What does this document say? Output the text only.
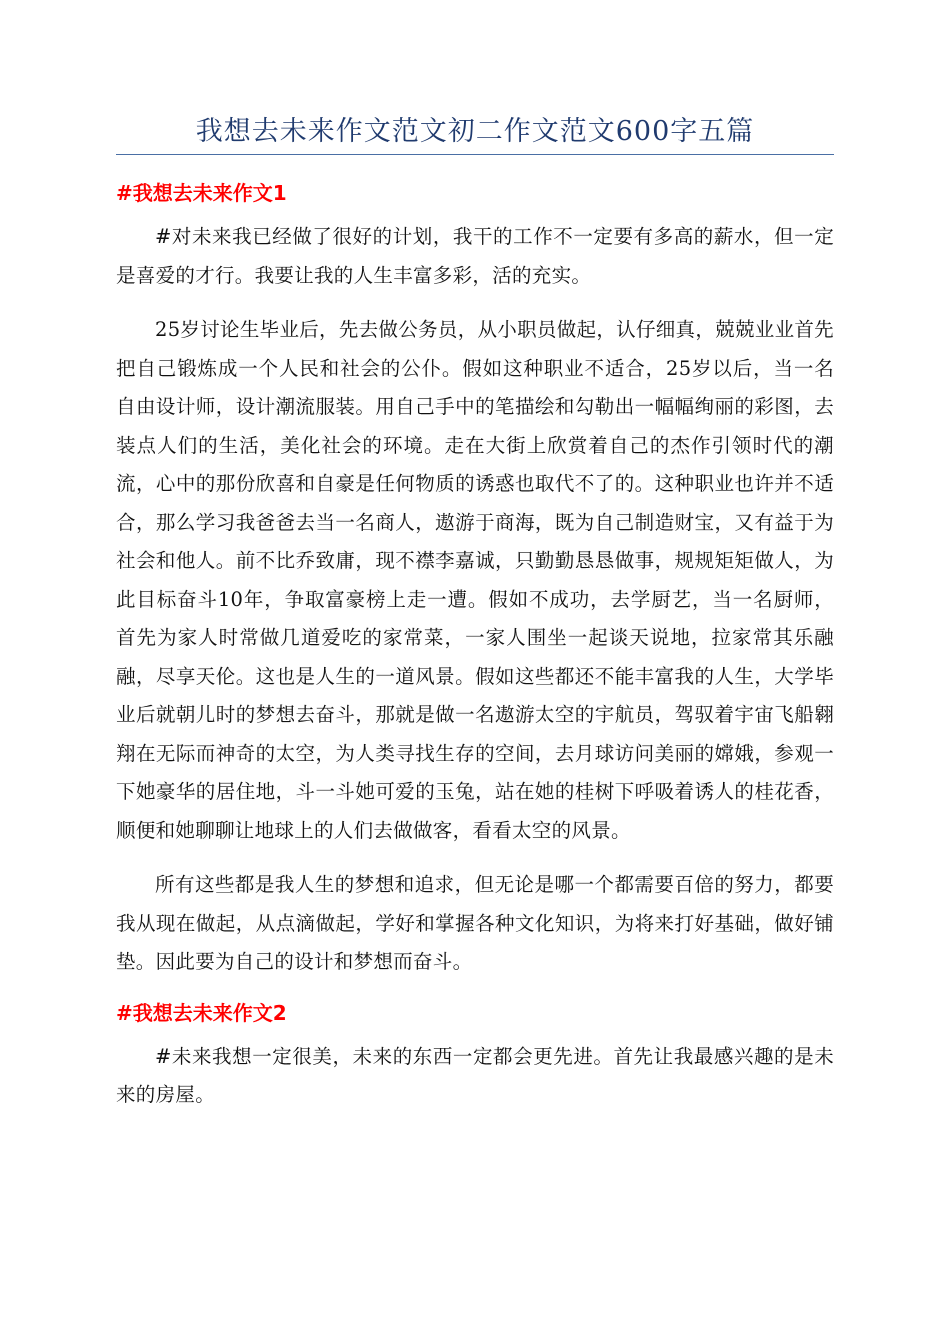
我想去未来作文范文初二作文范文600字五篇
#我想去未来作文1

#对未来我已经做了很好的计划，我干的工作不一定要有多高的薪水，但一定是喜爱的才行。我要让我的人生丰富多彩，活的充实。

25岁讨论生毕业后，先去做公务员，从小职员做起，认仔细真，兢兢业业首先把自己锻炼成一个人民和社会的公仆。假如这种职业不适合，25岁以后，当一名自由设计师，设计潮流服装。用自己手中的笔描绘和勾勒出一幅幅绚丽的彩图，去装点人们的生活，美化社会的环境。走在大街上欣赏着自己的杰作引领时代的潮流，心中的那份欣喜和自豪是任何物质的诱惑也取代不了的。这种职业也许并不适合，那么学习我爸爸去当一名商人，遨游于商海，既为自己制造财宝，又有益于为社会和他人。前不比乔致庸，现不襟李嘉诚，只勤勤恳恳做事，规规矩矩做人，为此目标奋斗10年，争取富豪榜上走一遭。假如不成功，去学厨艺，当一名厨师，首先为家人时常做几道爱吃的家常菜，一家人围坐一起谈天说地，拉家常其乐融融，尽享天伦。这也是人生的一道风景。假如这些都还不能丰富我的人生，大学毕业后就朝儿时的梦想去奋斗，那就是做一名遨游太空的宇航员，驾驭着宇宙飞船翱翔在无际而神奇的太空，为人类寻找生存的空间，去月球访问美丽的嫦娥，参观一下她豪华的居住地，斗一斗她可爱的玉兔，站在她的桂树下呼吸着诱人的桂花香，顺便和她聊聊让地球上的人们去做做客，看看太空的风景。

所有这些都是我人生的梦想和追求，但无论是哪一个都需要百倍的努力，都要我从现在做起，从点滴做起，学好和掌握各种文化知识，为将来打好基础，做好铺垫。因此要为自己的设计和梦想而奋斗。

#我想去未来作文2

#未来我想一定很美，未来的东西一定都会更先进。首先让我最感兴趣的是未来的房屋。
